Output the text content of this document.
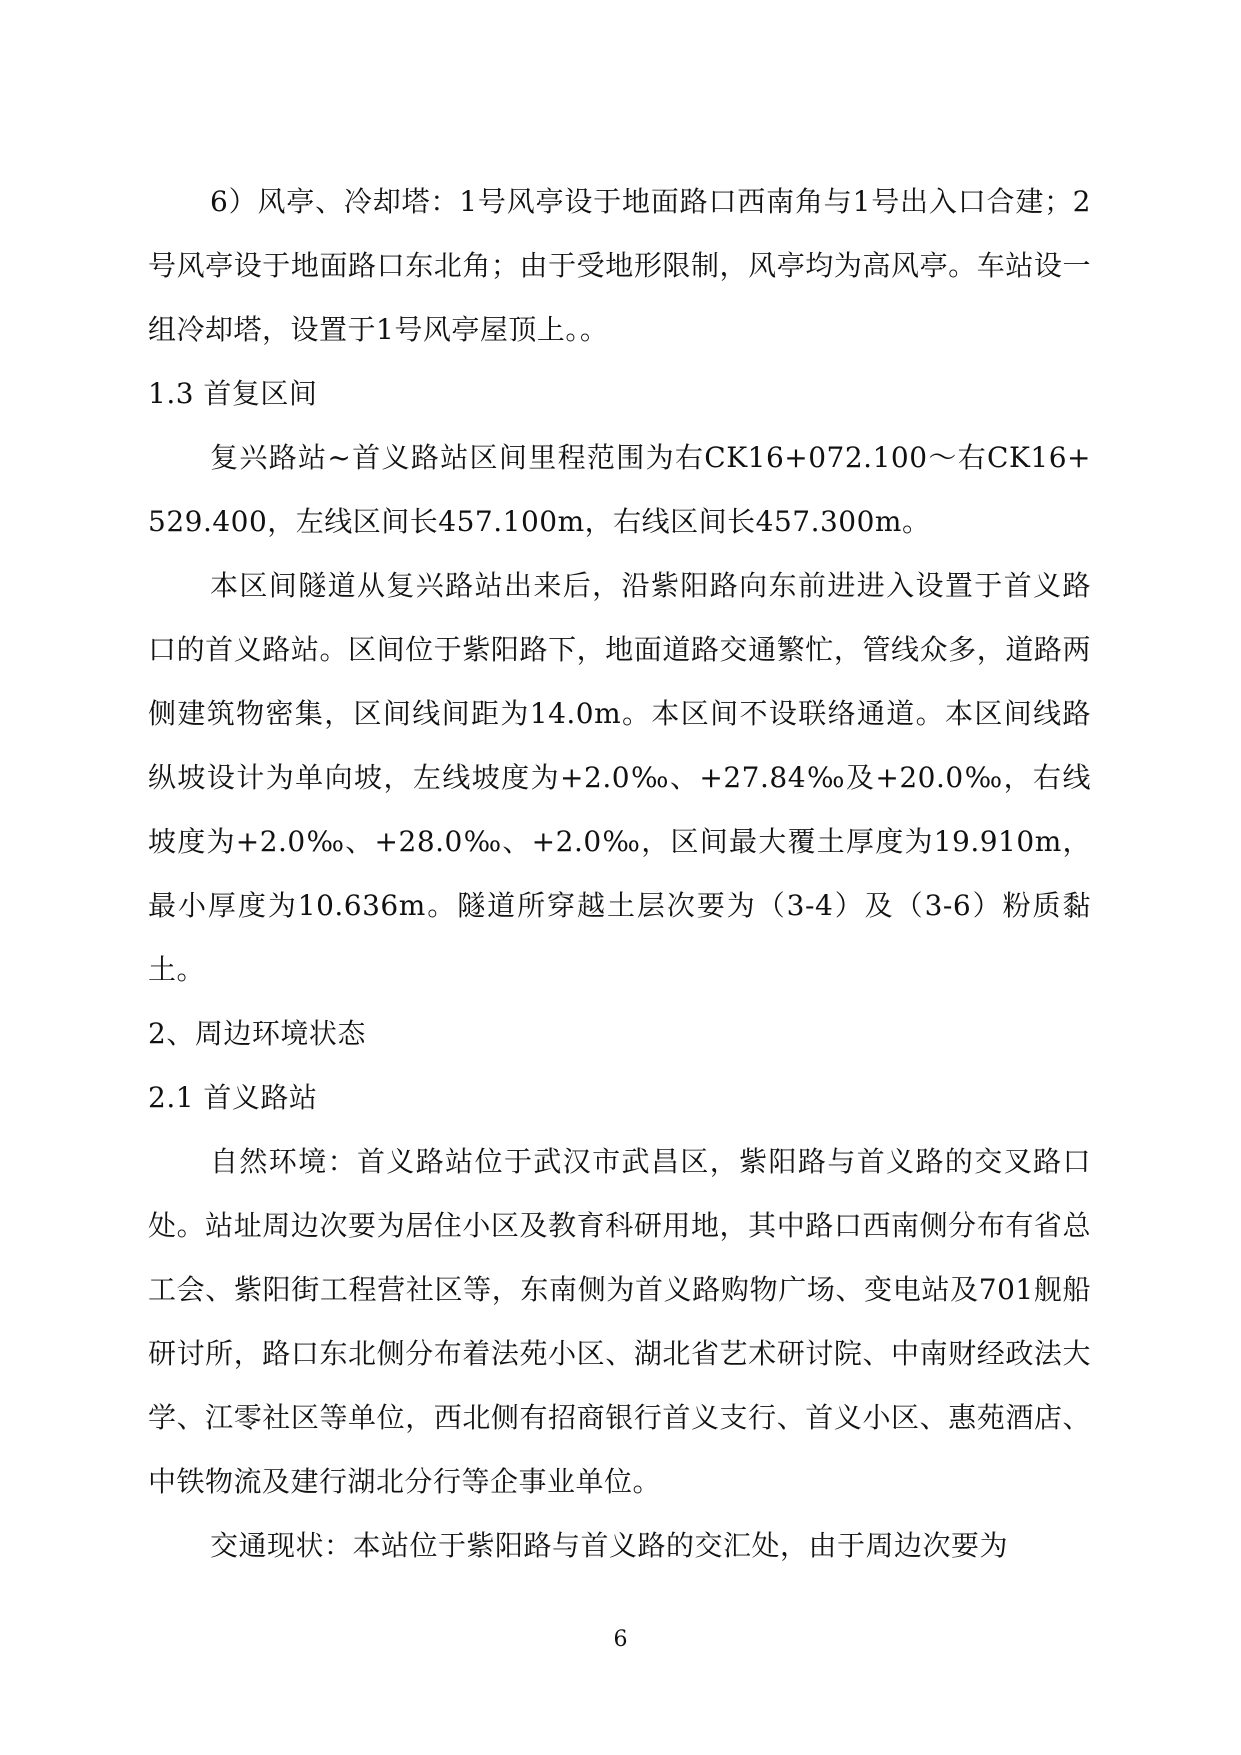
6）风亭、冷却塔：1号风亭设于地面路口西南角与1号出入口合建；2号风亭设于地面路口东北角；由于受地形限制，风亭均为高风亭。车站设一组冷却塔，设置于1号风亭屋顶上。。

1.3 首复区间

复兴路站~首义路站区间里程范围为右CK16+072.100～右CK16+529.400，左线区间长457.100m，右线区间长457.300m。

本区间隧道从复兴路站出来后，沿紫阳路向东前进进入设置于首义路口的首义路站。区间位于紫阳路下，地面道路交通繁忙，管线众多，道路两侧建筑物密集，区间线间距为14.0m。本区间不设联络通道。本区间线路纵坡设计为单向坡，左线坡度为+2.0‰、+27.84‰及+20.0‰，右线坡度为+2.0‰、+28.0‰、+2.0‰，区间最大覆土厚度为19.910m，最小厚度为10.636m。隧道所穿越土层次要为（3-4）及（3-6）粉质黏土。

2、周边环境状态

2.1 首义路站

自然环境：首义路站位于武汉市武昌区，紫阳路与首义路的交叉路口处。站址周边次要为居住小区及教育科研用地，其中路口西南侧分布有省总工会、紫阳街工程营社区等，东南侧为首义路购物广场、变电站及701舰船研讨所，路口东北侧分布着法苑小区、湖北省艺术研讨院、中南财经政法大学、江零社区等单位，西北侧有招商银行首义支行、首义小区、惠苑酒店、中铁物流及建行湖北分行等企事业单位。

交通现状：本站位于紫阳路与首义路的交汇处，由于周边次要为

6
